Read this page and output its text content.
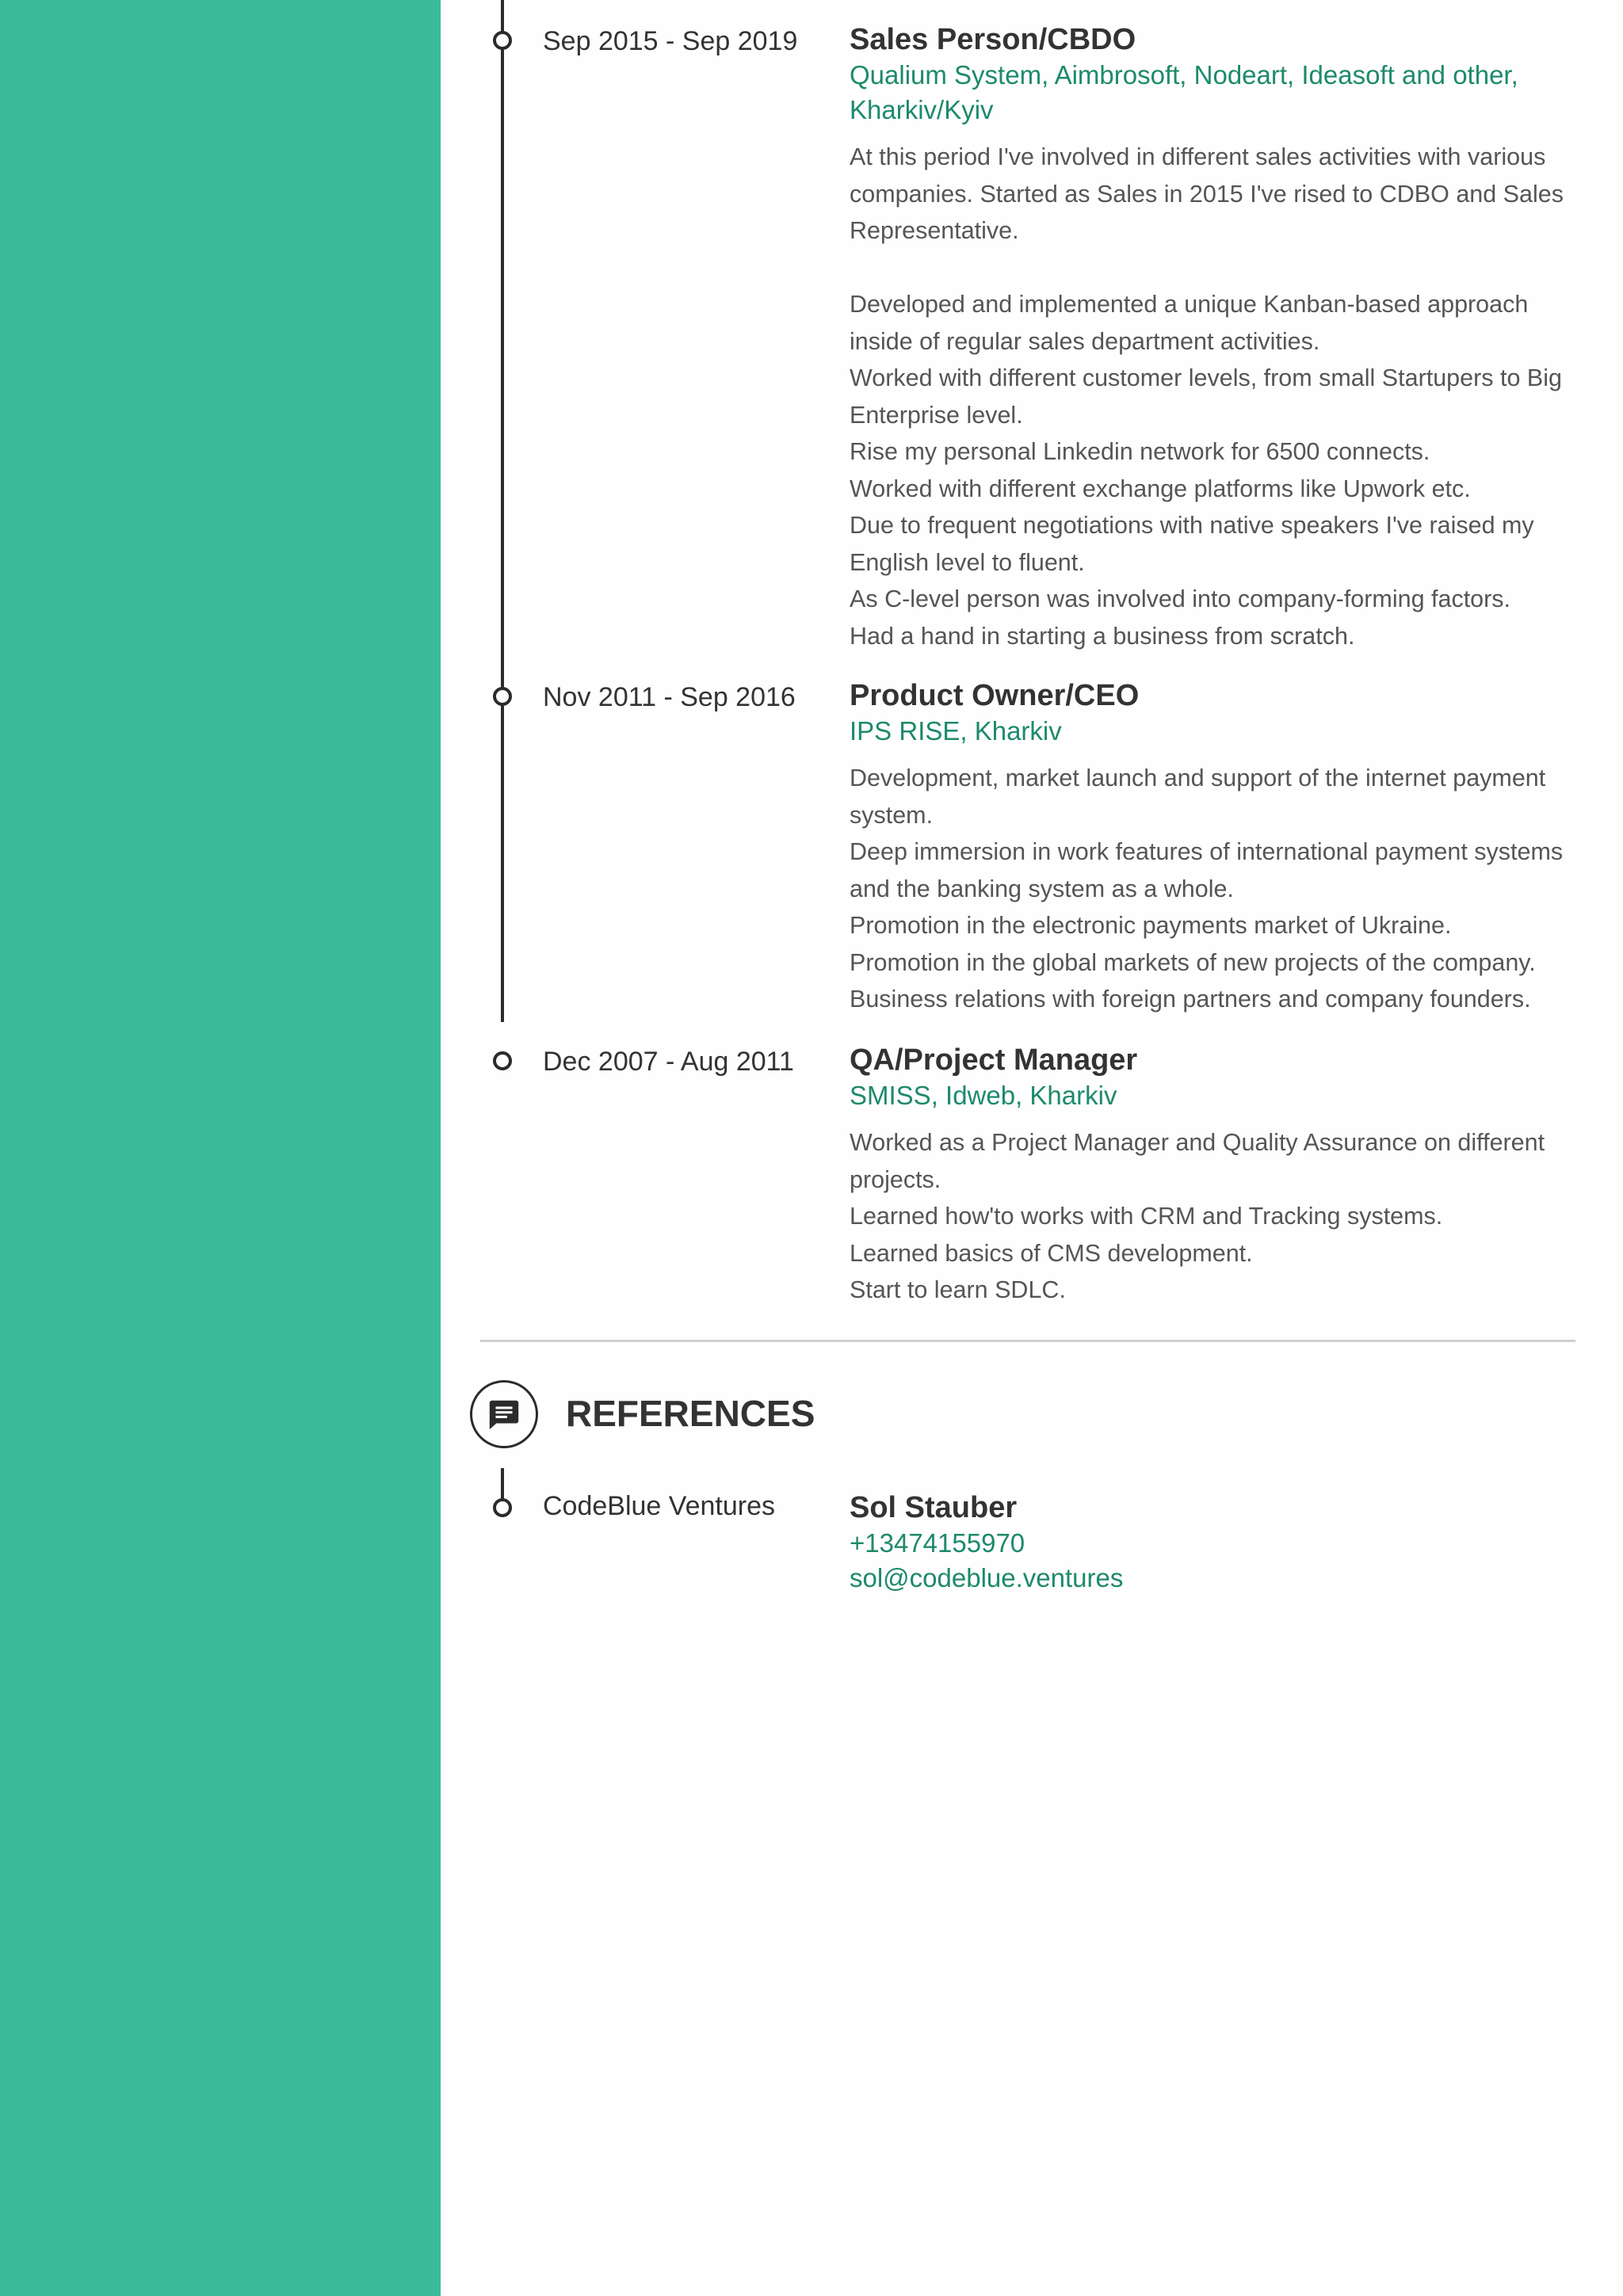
Sep 2015 - Sep 2019 Sales Person/CBDO
Qualium System, Aimbrosoft, Nodeart, Ideasoft and other,
Kharkiv/Kyiv
At this period I've involved in different sales activities with various companies. Started as Sales in 2015 I've rised to CDBO and Sales Representative.
Developed and implemented a unique Kanban-based approach inside of regular sales department activities.
Worked with different customer levels, from small Startupers to Big Enterprise level.
Rise my personal Linkedin network for 6500 connects.
Worked with different exchange platforms like Upwork etc.
Due to frequent negotiations with native speakers I've raised my English level to fluent.
As C-level person was involved into company-forming factors.
Had a hand in starting a business from scratch.
Nov 2011 - Sep 2016 Product Owner/CEO
IPS RISE, Kharkiv
Development, market launch and support of the internet payment system.
Deep immersion in work features of international payment systems and the banking system as a whole.
Promotion in the electronic payments market of Ukraine.
Promotion in the global markets of new projects of the company.
Business relations with foreign partners and company founders.
Dec 2007 - Aug 2011 QA/Project Manager
SMISS, Idweb, Kharkiv
Worked as a Project Manager and Quality Assurance on different projects.
Learned how'to works with CRM and Tracking systems.
Learned basics of CMS development.
Start to learn SDLC.
REFERENCES
CodeBlue Ventures Sol Stauber
+13474155970
sol@codeblue.ventures
